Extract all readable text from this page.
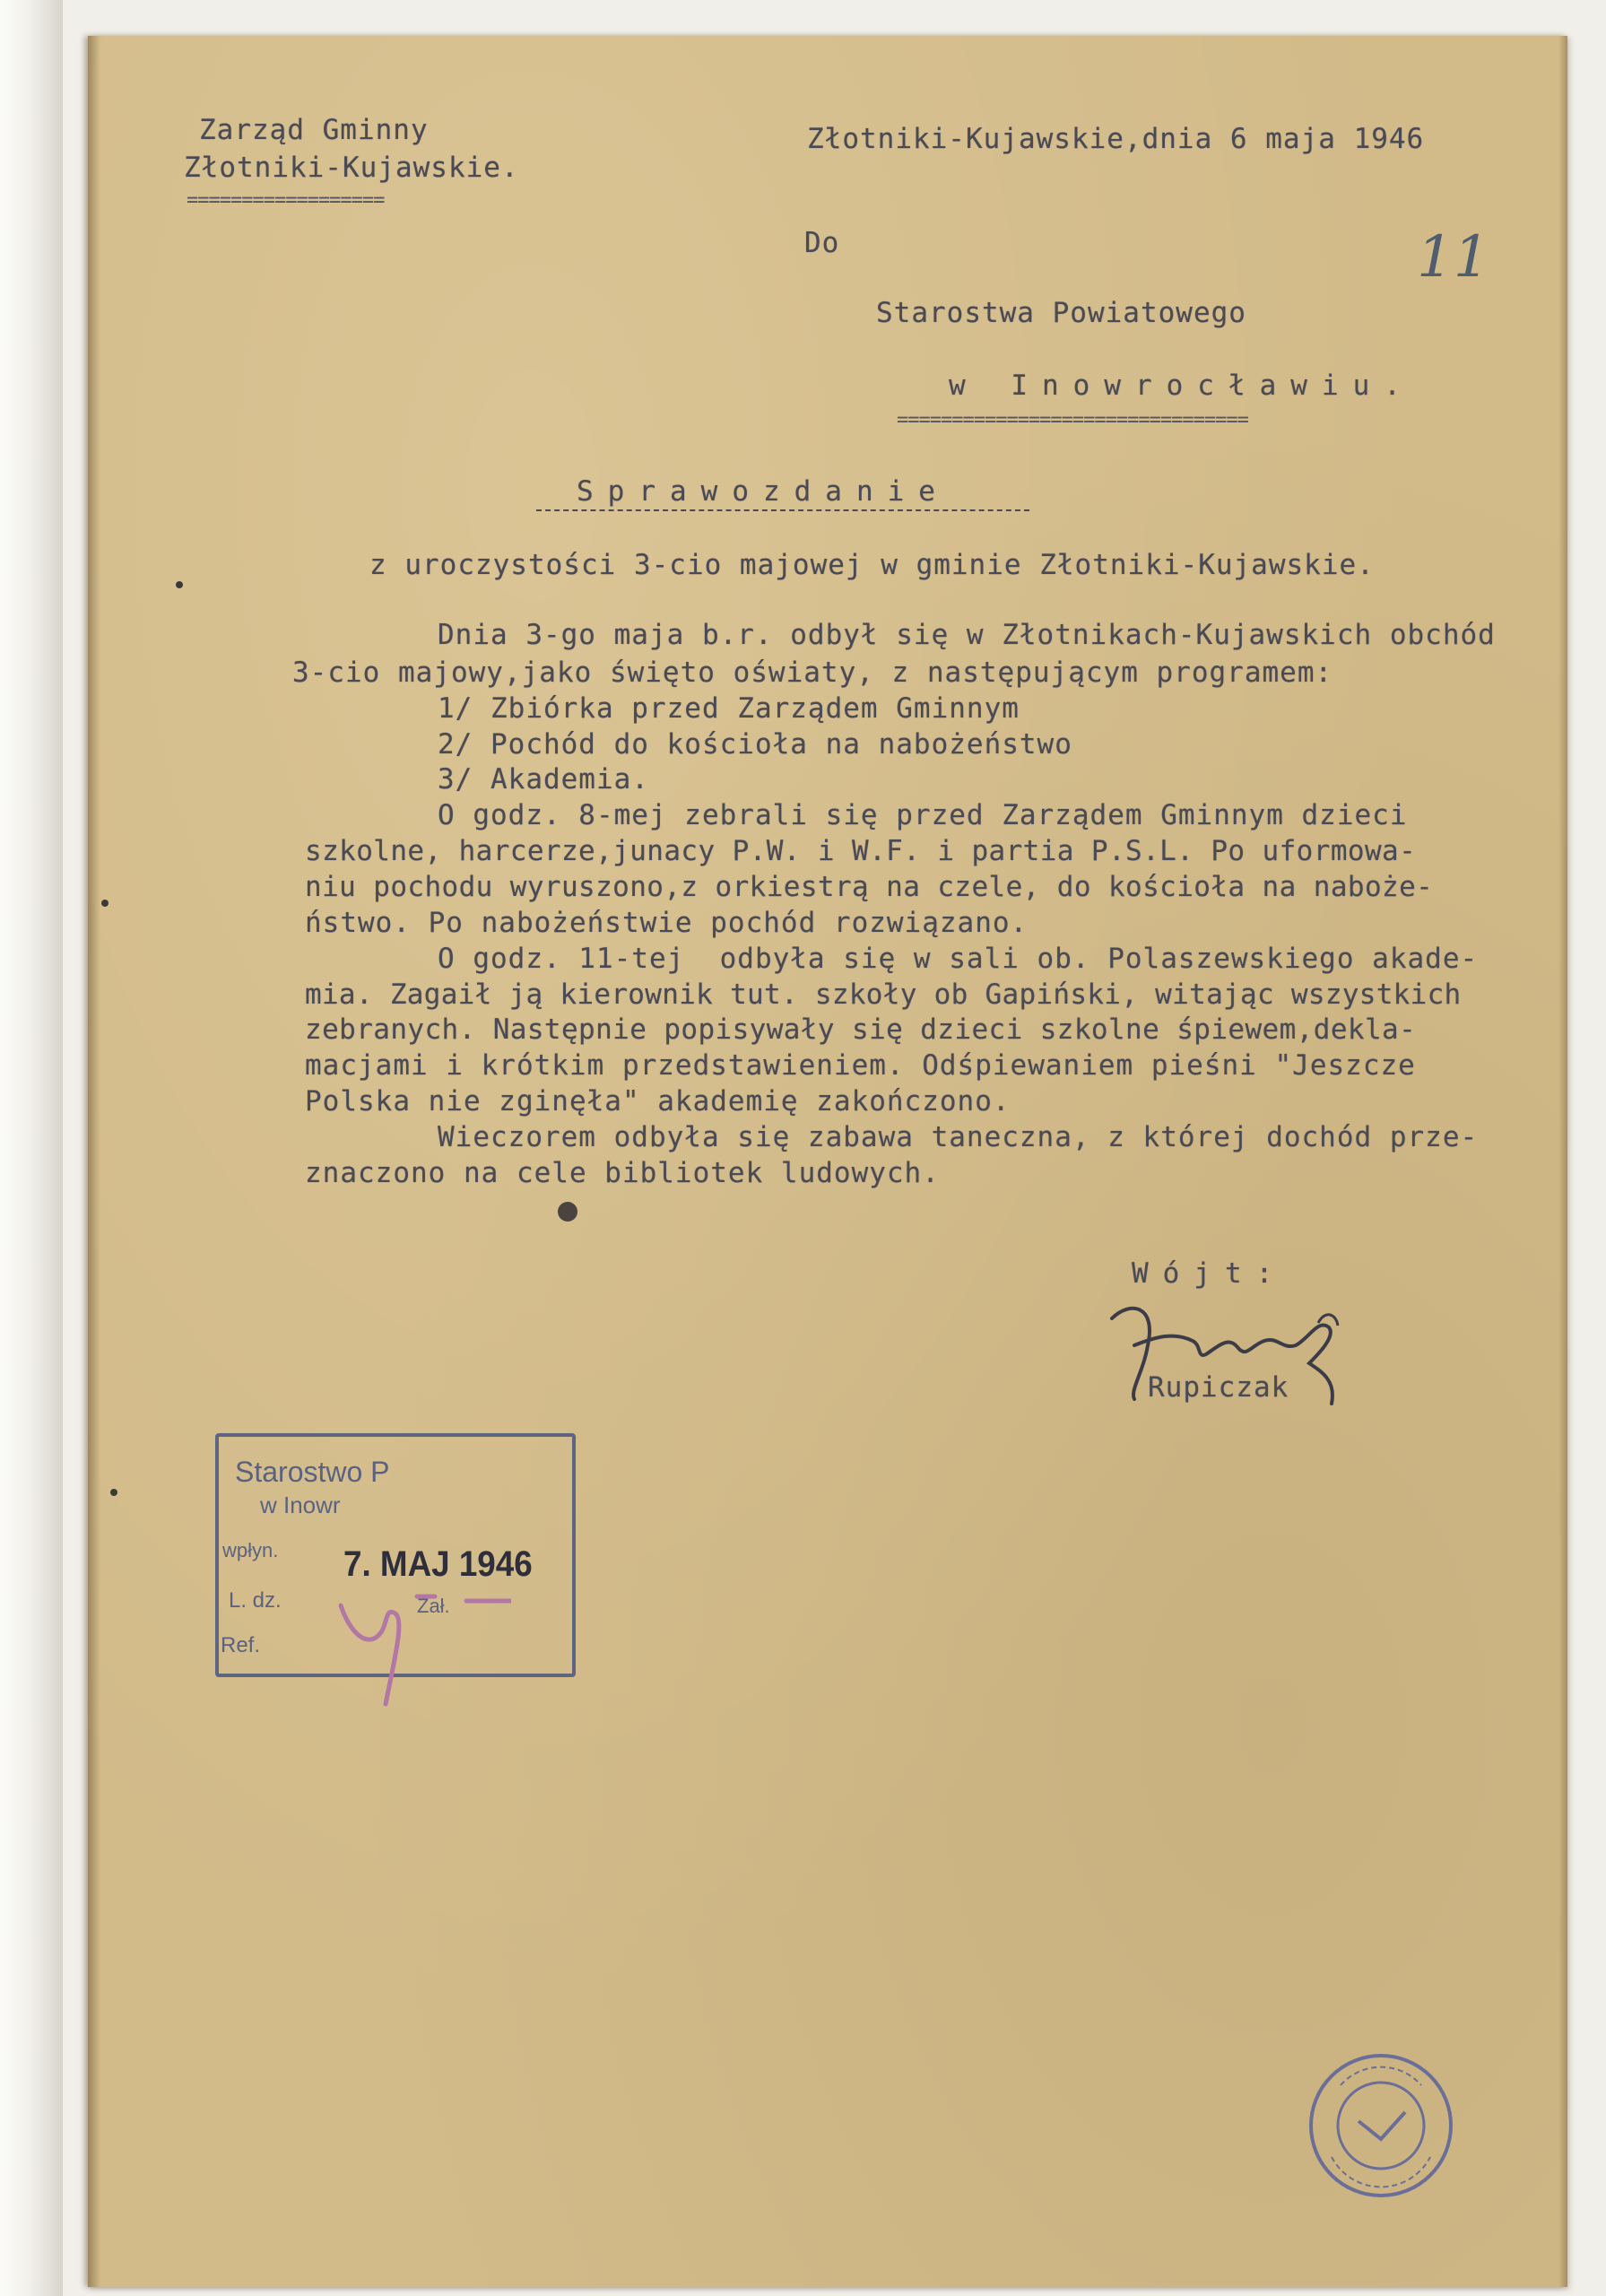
Zarząd Gminny
Złotniki-Kujawskie.
==================
Złotniki-Kujawskie,dnia 6 maja 1946
11
Do
Starostwa Powiatowego
w Inowrocławiu.
================================
Sprawozdanie
z uroczystości 3-cio majowej w gminie Złotniki-Kujawskie.
Dnia 3-go maja b.r. odbył się w Złotnikach-Kujawskich obchód
3-cio majowy,jako święto oświaty, z następującym programem:
1/ Zbiórka przed Zarządem Gminnym
2/ Pochód do kościoła na nabożeństwo
3/ Akademia.
O godz. 8-mej zebrali się przed Zarządem Gminnym dzieci
szkolne, harcerze,junacy P.W. i W.F. i partia P.S.L. Po uformowa-
niu pochodu wyruszono,z orkiestrą na czele, do kościoła na naboże-
ństwo. Po nabożeństwie pochód rozwiązano.
O godz. 11-tej  odbyła się w sali ob. Polaszewskiego akade-
mia. Zagaił ją kierownik tut. szkoły ob Gapiński, witając wszystkich
zebranych. Następnie popisywały się dzieci szkolne śpiewem,dekla-
macjami i krótkim przedstawieniem. Odśpiewaniem pieśni "Jeszcze
Polska nie zginęła" akademię zakończono.
Wieczorem odbyła się zabawa taneczna, z której dochód prze-
znaczono na cele bibliotek ludowych.
Wójt:
Rupiczak
Starostwo P
w Inowr
wpłyn. 7. MAJ 1946
L. dz.	Zał.
Ref.
